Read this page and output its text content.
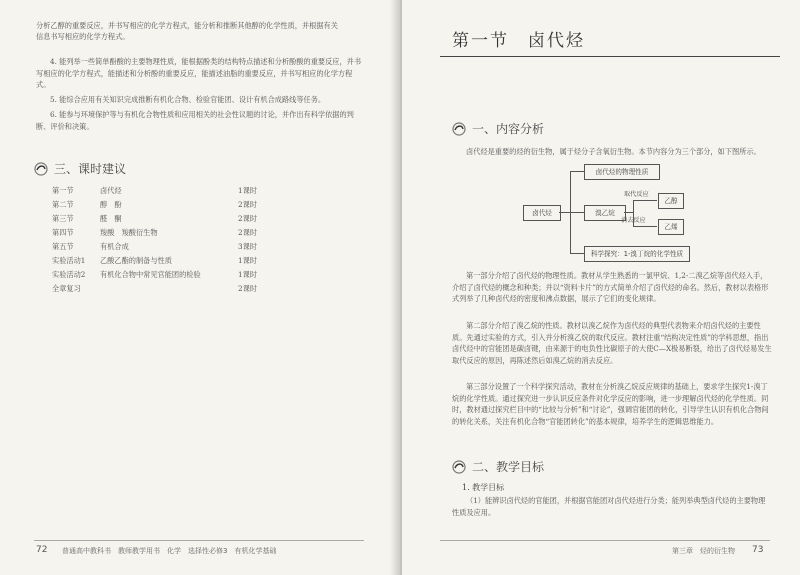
分析乙醇的重要反应，并书写相应的化学方程式，能分析和推断其他醇的化学性质，并根据有关

信息书写相应的化学方程式。

4. 能列举一些简单酚酸的主要物理性质，能根据酚类的结构特点描述和分析酚酸的重要反应，并书写相应的化学方程式，能描述和分析酚的重要反应，能描述油脂的重要反应，并书写相应的化学方程式。

5. 能综合应用有关知识完成推断有机化合物、检验官能团、设计有机合成路线等任务。

6. 能参与环境保护等与有机化合物性质和应用相关的社会性议题的讨论，并作出有科学依据的判断、评价和决策。

三、课时建议
第一节	卤代烃	1课时
第二节	醇　酚	2课时
第三节	醛　酮	2课时
第四节	羧酸　羧酸衍生物	2课时
第五节	有机合成	3课时
实验活动1 乙酸乙酯的制备与性质	1课时
实验活动2 有机化合物中常见官能团的检验	1课时
全章复习	2课时
72 普通高中教科书　教师教学用书　化学　选择性必修3　有机化学基础
第一节　卤代烃
一、内容分析

卤代烃是重要的烃的衍生物，属于烃分子含氧衍生物。本节内容分为三个部分，如下图所示。

卤代烃
卤代烃的物理性质
溴乙烷
科学探究：1-溴丁烷的化学性质
取代反应
消去反应
乙醇
乙烯

第一部分介绍了卤代烃的物理性质。教材从学生熟悉的一氯甲烷、1,2-二溴乙烷等卤代烃入手，介绍了卤代烃的概念和种类；并以“资料卡片”的方式简单介绍了卤代烃的命名。然后，教材以表格形式列举了几种卤代烃的密度和沸点数据，展示了它们的变化规律。

第二部分介绍了溴乙烷的性质。教材以溴乙烷作为卤代烃的典型代表物来介绍卤代烃的主要性质。先通过实验的方式，引入并分析溴乙烷的取代反应。教材注重“结构决定性质”的学科思想，指出卤代烃中的官能团是碳卤键，由来源于的电负性比碳原子的大使C—X极易断裂，给出了卤代烃易发生取代反应的原因，再陈述然后如溴乙烷的消去反应。

第三部分设置了一个科学探究活动，教材在分析溴乙烷反应规律的基础上，要求学生探究1-溴丁烷的化学性质。通过探究进一步认识反应条件对化学反应的影响，进一步理解卤代烃的化学性质。同时，教材通过探究栏目中的“比较与分析”和“讨论”，强调官能团的转化，引导学生认识有机化合物间的转化关系，关注有机化合物“官能团转化”的基本规律，培养学生的逻辑思维能力。

二、教学目标

1. 教学目标

（1）能辨识卤代烃的官能团，并根据官能团对卤代烃进行分类；能列举典型卤代烃的主要物理性质及应用。

第三章　烃的衍生物 73
